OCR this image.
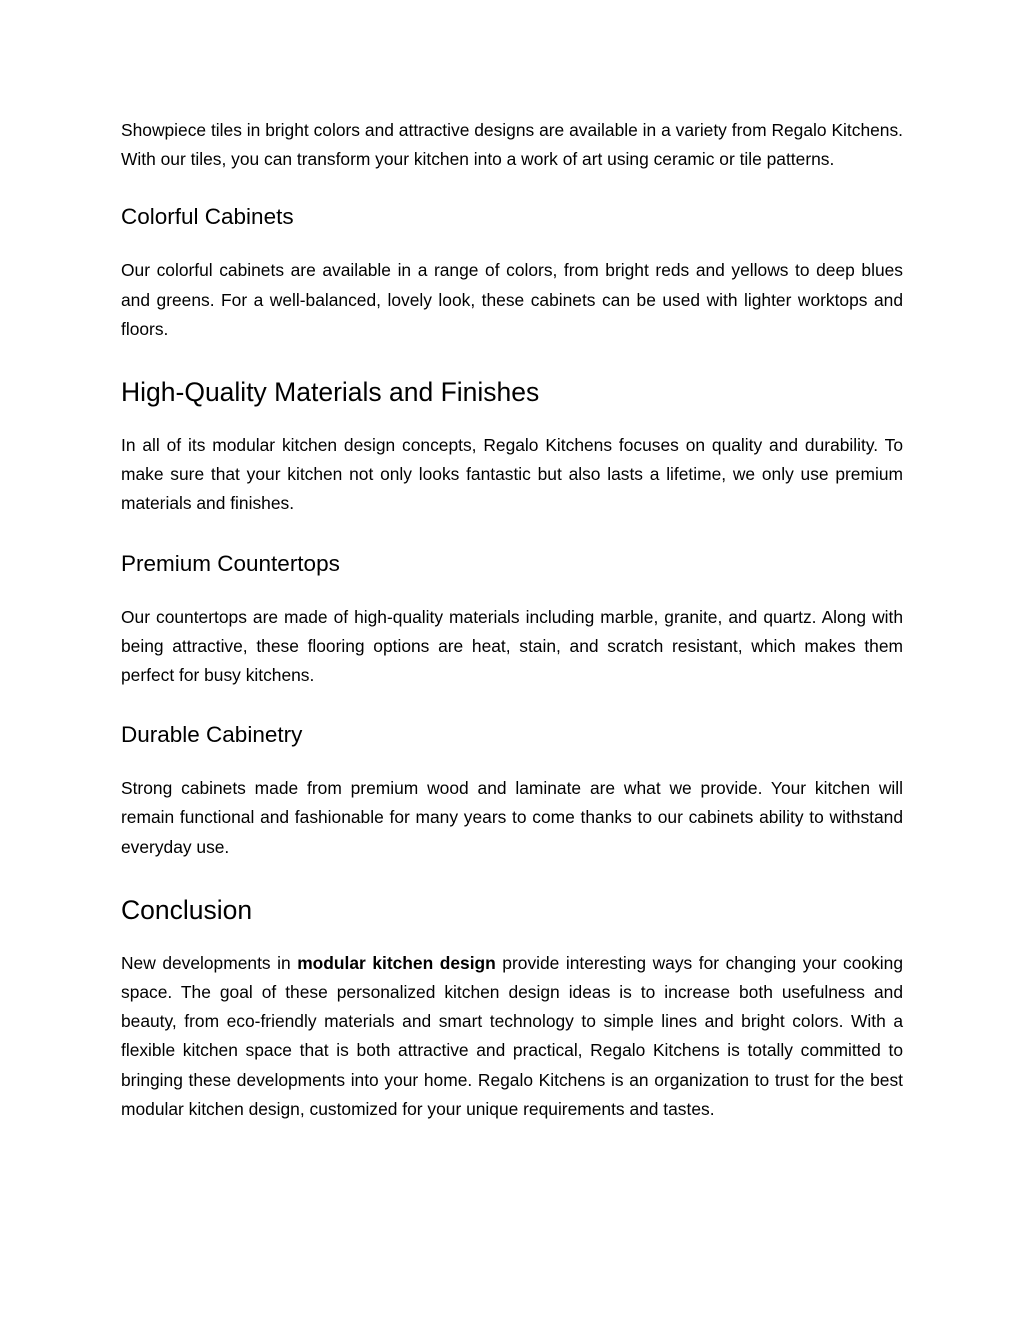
Showpiece tiles in bright colors and attractive designs are available in a variety from Regalo Kitchens. With our tiles, you can transform your kitchen into a work of art using ceramic or tile patterns.

Colorful Cabinets

Our colorful cabinets are available in a range of colors, from bright reds and yellows to deep blues and greens. For a well-balanced, lovely look, these cabinets can be used with lighter worktops and floors.

High-Quality Materials and Finishes

In all of its modular kitchen design concepts, Regalo Kitchens focuses on quality and durability. To make sure that your kitchen not only looks fantastic but also lasts a lifetime, we only use premium materials and finishes.

Premium Countertops

Our countertops are made of high-quality materials including marble, granite, and quartz. Along with being attractive, these flooring options are heat, stain, and scratch resistant, which makes them perfect for busy kitchens.

Durable Cabinetry

Strong cabinets made from premium wood and laminate are what we provide. Your kitchen will remain functional and fashionable for many years to come thanks to our cabinets ability to withstand everyday use.

Conclusion

New developments in modular kitchen design provide interesting ways for changing your cooking space. The goal of these personalized kitchen design ideas is to increase both usefulness and beauty, from eco-friendly materials and smart technology to simple lines and bright colors. With a flexible kitchen space that is both attractive and practical, Regalo Kitchens is totally committed to bringing these developments into your home. Regalo Kitchens is an organization to trust for the best modular kitchen design, customized for your unique requirements and tastes.
